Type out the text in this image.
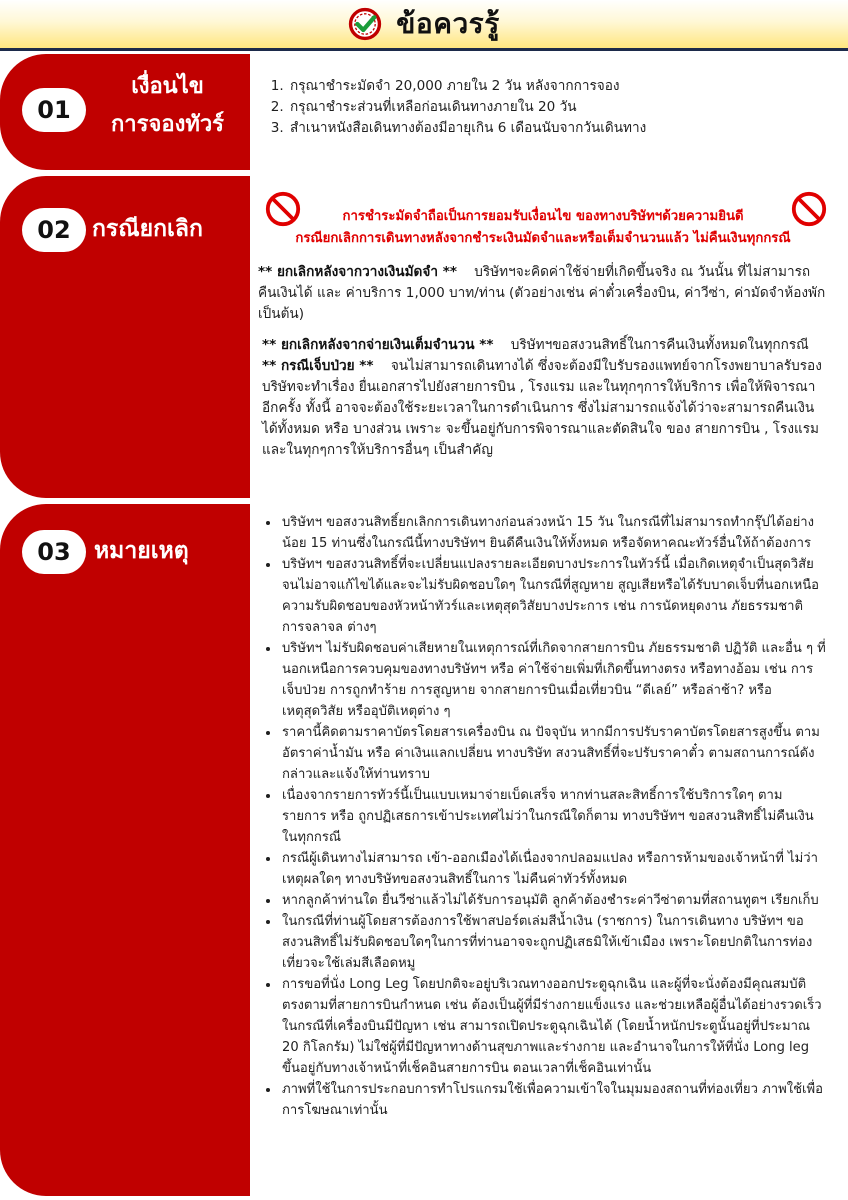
ข้อควรรู้
01
เงื่อนไข
การจองทัวร์
1. กรุณาชำระมัดจำ 20,000 ภายใน 2 วัน หลังจากการจอง
2. กรุณาชำระส่วนที่เหลือก่อนเดินทางภายใน 20 วัน
3. สำเนาหนังสือเดินทางต้องมีอายุเกิน 6 เดือนนับจากวันเดินทาง
02 กรณียกเลิก	การชำระมัดจำถือเป็นการยอมรับเงื่อนไข ของทางบริษัทฯด้วยความยินดี
กรณียกเลิกการเดินทางหลังจากชำระเงินมัดจำและหรือเต็มจำนวนแล้ว ไม่คืนเงินทุกกรณี

** ยกเลิกหลังจากวางเงินมัดจำ ** บริษัทฯจะคิดค่าใช้จ่ายที่เกิดขึ้นจริง ณ วันนั้น ที่ไม่สามารถ คืนเงินได้ และ ค่าบริการ 1,000 บาท/ท่าน (ตัวอย่างเช่น ค่าตั๋วเครื่องบิน, ค่าวีซ่า, ค่ามัดจำห้องพัก เป็นต้น)

** ยกเลิกหลังจากจ่ายเงินเต็มจำนวน ** บริษัทฯขอสงวนสิทธิ์ในการคืนเงินทั้งหมดในทุกกรณี

** กรณีเจ็บป่วย ** จนไม่สามารถเดินทางได้ ซึ่งจะต้องมีใบรับรองแพทย์จากโรงพยาบาลรับรอง บริษัทจะทำเรื่อง ยื่นเอกสารไปยังสายการบิน , โรงแรม และในทุกๆการให้บริการ เพื่อให้พิจารณาอีกครั้ง ทั้งนี้ อาจจะต้องใช้ระยะเวลาในการดำเนินการ ซึ่งไม่สามารถแจ้งได้ว่าจะสามารถคืนเงินได้ทั้งหมด หรือ บางส่วน เพราะ จะขึ้นอยู่กับการพิจารณาและตัดสินใจ ของ สายการบิน , โรงแรม และในทุกๆการให้บริการอื่นๆ เป็นสำคัญ

03	หมายเหตุ
• บริษัทฯ ขอสงวนสิทธิ์ยกเลิกการเดินทางก่อนล่วงหน้า 15 วัน ในกรณีที่ไม่สามารถทำกรุ๊ปได้อย่างน้อย 15 ท่านซึ่งในกรณีนี้ทางบริษัทฯ ยินดีคืนเงินให้ทั้งหมด หรือจัดหาคณะทัวร์อื่นให้ถ้าต้องการ
• บริษัทฯ ขอสงวนสิทธิ์ที่จะเปลี่ยนแปลงรายละเอียดบางประการในทัวร์นี้ เมื่อเกิดเหตุจำเป็นสุดวิสัย จนไม่อาจแก้ไขได้และจะไม่รับผิดชอบใดๆ ในกรณีที่สูญหาย สูญเสียหรือได้รับบาดเจ็บที่นอกเหนือความรับผิดชอบของหัวหน้าทัวร์และเหตุสุดวิสัยบางประการ เช่น การนัดหยุดงาน ภัยธรรมชาติ การจลาจล ต่างๆ
• บริษัทฯ ไม่รับผิดชอบค่าเสียหายในเหตุการณ์ที่เกิดจากสายการบิน ภัยธรรมชาติ ปฏิวัติ และอื่น ๆ ที่นอกเหนือการควบคุมของทางบริษัทฯ หรือ ค่าใช้จ่ายเพิ่มที่เกิดขึ้นทางตรง หรือทางอ้อม เช่น การเจ็บป่วย การถูกทำร้าย การสูญหาย จากสายการบินเมื่อเที่ยวบิน “ดีเลย์” หรือล่าช้า? หรือ เหตุสุดวิสัย หรืออุบัติเหตุต่าง ๆ
• ราคานี้คิดตามราคาบัตรโดยสารเครื่องบิน ณ ปัจจุบัน หากมีการปรับราคาบัตรโดยสารสูงขึ้น ตามอัตราค่าน้ำมัน หรือ ค่าเงินแลกเปลี่ยน ทางบริษัท สงวนสิทธิ์ที่จะปรับราคาตั๋ว ตามสถานการณ์ดังกล่าวและแจ้งให้ท่านทราบ
• เนื่องจากรายการทัวร์นี้เป็นแบบเหมาจ่ายเบ็ดเสร็จ หากท่านสละสิทธิ์การใช้บริการใดๆ ตามรายการ หรือ ถูกปฏิเสธการเข้าประเทศไม่ว่าในกรณีใดก็ตาม ทางบริษัทฯ ขอสงวนสิทธิ์ไม่คืนเงินในทุกกรณี
• กรณีผู้เดินทางไม่สามารถ เข้า-ออกเมืองได้เนื่องจากปลอมแปลง หรือการห้ามของเจ้าหน้าที่ ไม่ว่าเหตุผลใดๆ ทางบริษัทขอสงวนสิทธิ์ในการ ไม่คืนค่าทัวร์ทั้งหมด
• หากลูกค้าท่านใด ยื่นวีซ่าแล้วไม่ได้รับการอนุมัติ ลูกค้าต้องชำระค่าวีซ่าตามที่สถานทูตฯ เรียกเก็บ
• ในกรณีที่ท่านผู้โดยสารต้องการใช้พาสปอร์ตเล่มสีน้ำเงิน (ราชการ) ในการเดินทาง บริษัทฯ ขอสงวนสิทธิ์ไม่รับผิดชอบใดๆในการที่ท่านอาจจะถูกปฏิเสธมิให้เข้าเมือง เพราะโดยปกติในการท่องเที่ยวจะใช้เล่มสีเลือดหมู
• การขอที่นั่ง Long Leg โดยปกติจะอยู่บริเวณทางออกประตูฉุกเฉิน และผู้ที่จะนั่งต้องมีคุณสมบัติตรงตามที่สายการบินกำหนด เช่น ต้องเป็นผู้ที่มีร่างกายแข็งแรง และช่วยเหลือผู้อื่นได้อย่างรวดเร็วในกรณีที่เครื่องบินมีปัญหา เช่น สามารถเปิดประตูฉุกเฉินได้ (โดยน้ำหนักประตูนั้นอยู่ที่ประมาณ 20 กิโลกรัม) ไม่ใช่ผู้ที่มีปัญหาทางด้านสุขภาพและร่างกาย และอำนาจในการให้ที่นั่ง Long leg ขึ้นอยู่กับทางเจ้าหน้าที่เช็คอินสายการบิน ตอนเวลาที่เช็คอินเท่านั้น
• ภาพที่ใช้ในการประกอบการทำโปรแกรมใช้เพื่อความเข้าใจในมุมมองสถานที่ท่องเที่ยว ภาพใช้เพื่อการโฆษณาเท่านั้น
